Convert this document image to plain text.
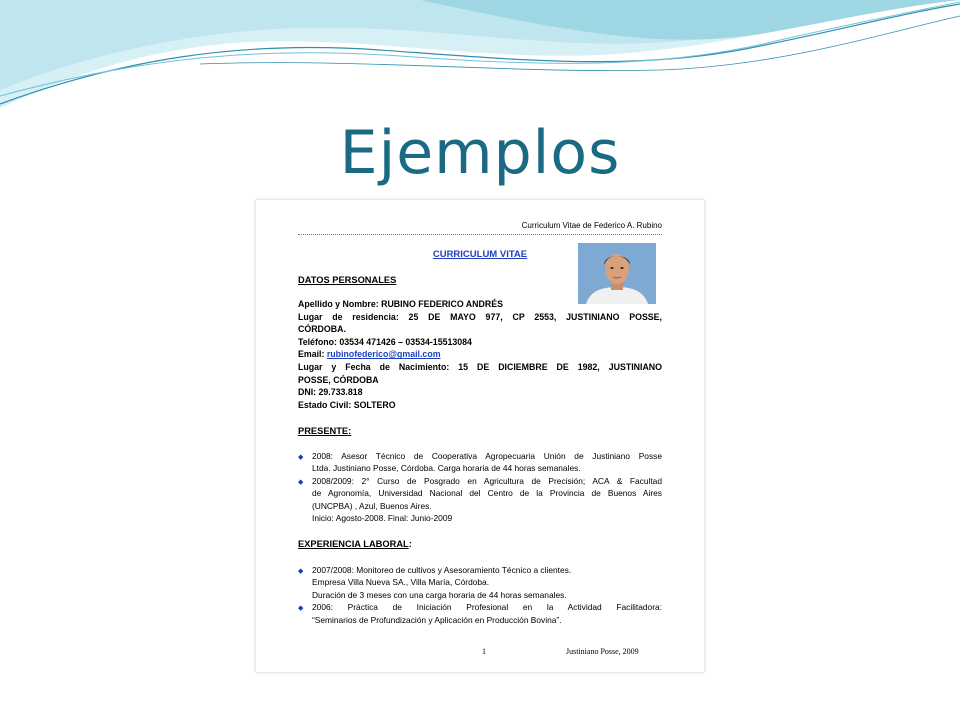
Ejemplos
Curriculum Vitae de Federico A. Rubino
CURRICULUM VITAE
DATOS PERSONALES
Apellido y Nombre: RUBINO FEDERICO ANDRÉS
Lugar de residencia: 25 DE MAYO 977, CP 2553, JUSTINIANO POSSE,
CÓRDOBA.
Teléfono: 03534 471426 – 03534-15513084
Email: rubinofederico@gmail.com
Lugar y Fecha de Nacimiento: 15 DE DICIEMBRE DE 1982, JUSTINIANO
POSSE, CÓRDOBA
DNI: 29.733.818
Estado Civil: SOLTERO
PRESENTE:
◆ 2008: Asesor Técnico de Cooperativa Agropecuaria Unión de Justiniano Posse
Ltda. Justiniano Posse, Córdoba. Carga horaria de 44 horas semanales.
◆ 2008/2009: 2° Curso de Posgrado en Agricultura de Precisión; ACA & Facultad
de Agronomía, Universidad Nacional del Centro de la Provincia de Buenos Aires
(UNCPBA) , Azul, Buenos Aires.
Inicio: Agosto-2008. Final: Junio-2009
EXPERIENCIA LABORAL:
◆ 2007/2008: Monitoreo de cultivos y Asesoramiento Técnico a clientes.
Empresa Villa Nueva SA., Villa María, Córdoba.
Duración de 3 meses con una carga horaria de 44 horas semanales.
◆ 2006: Práctica de Iniciación Profesional en la Actividad Facilitadora:
“Seminarios de Profundización y Aplicación en Producción Bovina”.
1	Justiniano Posse, 2009
